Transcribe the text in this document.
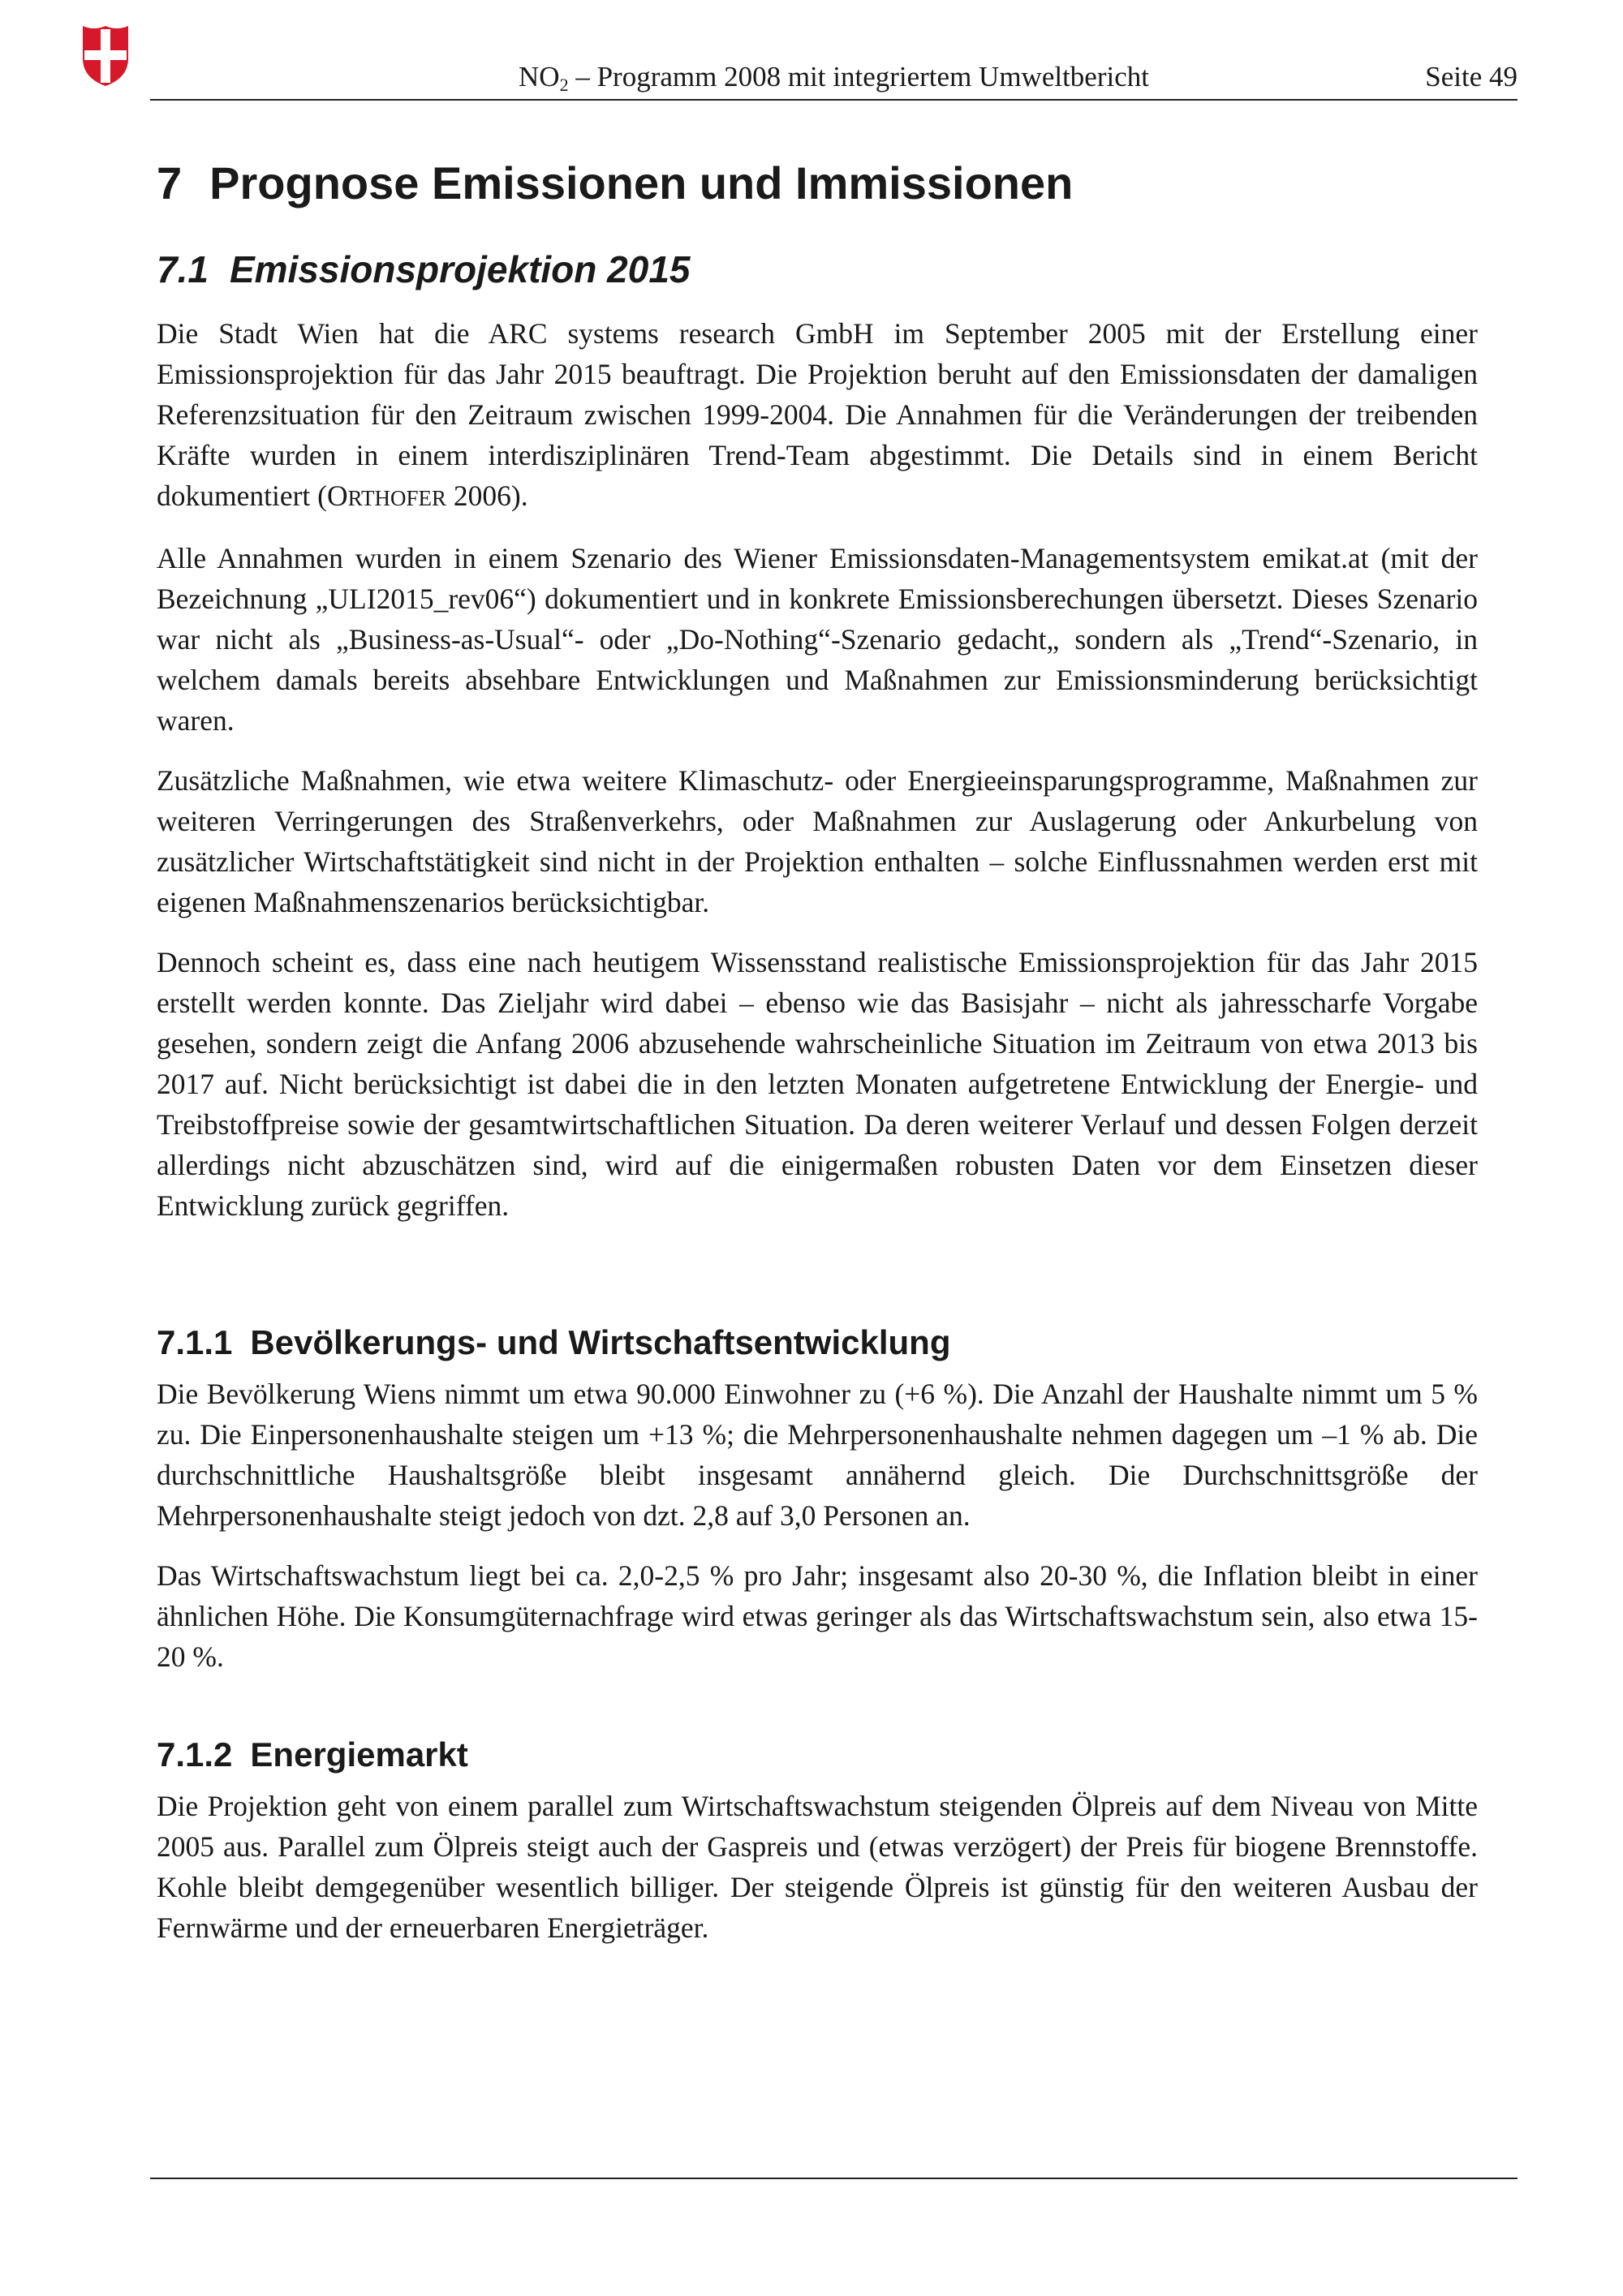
$NO_2$ – Programm 2008 mit integriertem Umweltbericht	Seite 49
7 Prognose Emissionen und Immissionen
7.1 Emissionsprojektion 2015

Die Stadt Wien hat die ARC systems research GmbH im September 2005 mit der Erstellung einer Emissionsprojektion für das Jahr 2015 beauftragt. Die Projektion beruht auf den Emissionsdaten der damaligen Referenzsituation für den Zeitraum zwischen 1999-2004. Die Annahmen für die Veränderungen der treibenden Kräfte wurden in einem interdisziplinären Trend-Team abgestimmt. Die Details sind in einem Bericht dokumentiert (ORTHOFER 2006).

Alle Annahmen wurden in einem Szenario des Wiener Emissionsdaten-Managementsystem emikat.at (mit der Bezeichnung „ULI2015_rev06“) dokumentiert und in konkrete Emissionsberechungen übersetzt. Dieses Szenario war nicht als „Business-as-Usual“- oder „Do-Nothing“-Szenario gedacht„ sondern als „Trend“-Szenario, in welchem damals bereits absehbare Entwicklungen und Maßnahmen zur Emissionsminderung berücksichtigt waren.

Zusätzliche Maßnahmen, wie etwa weitere Klimaschutz- oder Energieeinsparungsprogramme, Maßnahmen zur weiteren Verringerungen des Straßenverkehrs, oder Maßnahmen zur Auslagerung oder Ankurbelung von zusätzlicher Wirtschaftstätigkeit sind nicht in der Projektion enthalten – solche Einflussnahmen werden erst mit eigenen Maßnahmenszenarios berücksichtigbar.

Dennoch scheint es, dass eine nach heutigem Wissensstand realistische Emissionsprojektion für das Jahr 2015 erstellt werden konnte. Das Zieljahr wird dabei – ebenso wie das Basisjahr – nicht als jahresscharfe Vorgabe gesehen, sondern zeigt die Anfang 2006 abzusehende wahrscheinliche Situation im Zeitraum von etwa 2013 bis 2017 auf. Nicht berücksichtigt ist dabei die in den letzten Monaten aufgetretene Entwicklung der Energie- und Treibstoffpreise sowie der gesamtwirtschaftlichen Situation. Da deren weiterer Verlauf und dessen Folgen derzeit allerdings nicht abzuschätzen sind, wird auf die einigermaßen robusten Daten vor dem Einsetzen dieser Entwicklung zurück gegriffen.

7.1.1 Bevölkerungs- und Wirtschaftsentwicklung

Die Bevölkerung Wiens nimmt um etwa 90.000 Einwohner zu (+6 %). Die Anzahl der Haushalte nimmt um 5 % zu. Die Einpersonenhaushalte steigen um +13 %; die Mehrpersonenhaushalte nehmen dagegen um –1 % ab. Die durchschnittliche Haushaltsgröße bleibt insgesamt annähernd gleich. Die Durchschnittsgröße der Mehrpersonenhaushalte steigt jedoch von dzt. 2,8 auf 3,0 Personen an.

Das Wirtschaftswachstum liegt bei ca. 2,0-2,5 % pro Jahr; insgesamt also 20-30 %, die Inflation bleibt in einer ähnlichen Höhe. Die Konsumgüternachfrage wird etwas geringer als das Wirtschaftswachstum sein, also etwa 15-20 %.

7.1.2 Energiemarkt

Die Projektion geht von einem parallel zum Wirtschaftswachstum steigenden Ölpreis auf dem Niveau von Mitte 2005 aus. Parallel zum Ölpreis steigt auch der Gaspreis und (etwas verzögert) der Preis für biogene Brennstoffe. Kohle bleibt demgegenüber wesentlich billiger. Der steigende Ölpreis ist günstig für den weiteren Ausbau der Fernwärme und der erneuerbaren Energieträger.
